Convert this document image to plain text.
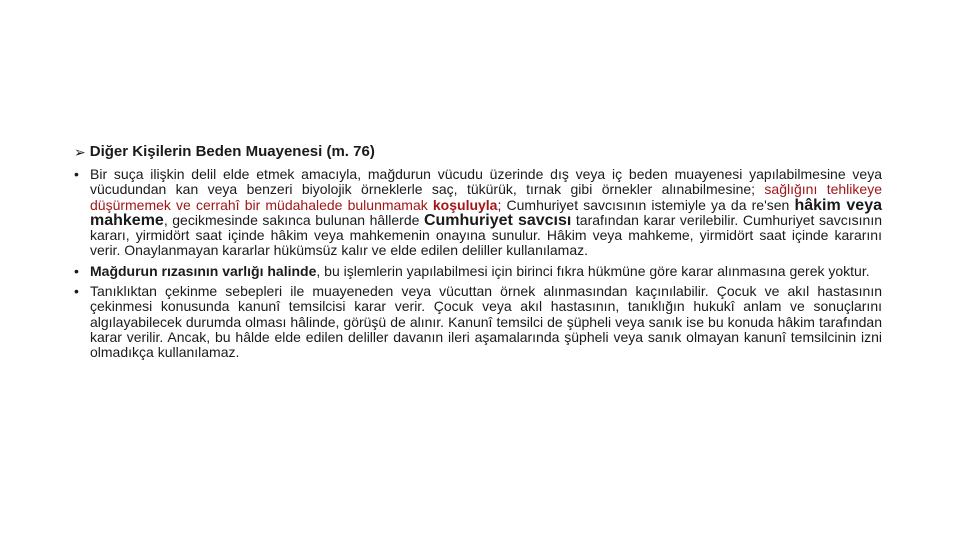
➢ Diğer Kişilerin Beden Muayenesi (m. 76)
• Bir suça ilişkin delil elde etmek amacıyla, mağdurun vücudu üzerinde dış veya iç beden muayenesi yapılabilmesine veya vücudundan kan veya benzeri biyolojik örneklerle saç, tükürük, tırnak gibi örnekler alınabilmesine; sağlığını tehlikeye düşürmemek ve cerrahî bir müdahalede bulunmamak koşuluyla; Cumhuriyet savcısının istemiyle ya da re'sen hâkim veya mahkeme, gecikmesinde sakınca bulunan hâllerde Cumhuriyet savcısı tarafından karar verilebilir. Cumhuriyet savcısının kararı, yirmidört saat içinde hâkim veya mahkemenin onayına sunulur. Hâkim veya mahkeme, yirmidört saat içinde kararını verir. Onaylanmayan kararlar hükümsüz kalır ve elde edilen deliller kullanılamaz.
• Mağdurun rızasının varlığı halinde, bu işlemlerin yapılabilmesi için birinci fıkra hükmüne göre karar alınmasına gerek yoktur.
• Tanıklıktan çekinme sebepleri ile muayeneden veya vücuttan örnek alınmasından kaçınılabilir. Çocuk ve akıl hastasının çekinmesi konusunda kanunî temsilcisi karar verir. Çocuk veya akıl hastasının, tanıklığın hukukî anlam ve sonuçlarını algılayabilecek durumda olması hâlinde, görüşü de alınır. Kanunî temsilci de şüpheli veya sanık ise bu konuda hâkim tarafından karar verilir. Ancak, bu hâlde elde edilen deliller davanın ileri aşamalarında şüpheli veya sanık olmayan kanunî temsilcinin izni olmadıkça kullanılamaz.
